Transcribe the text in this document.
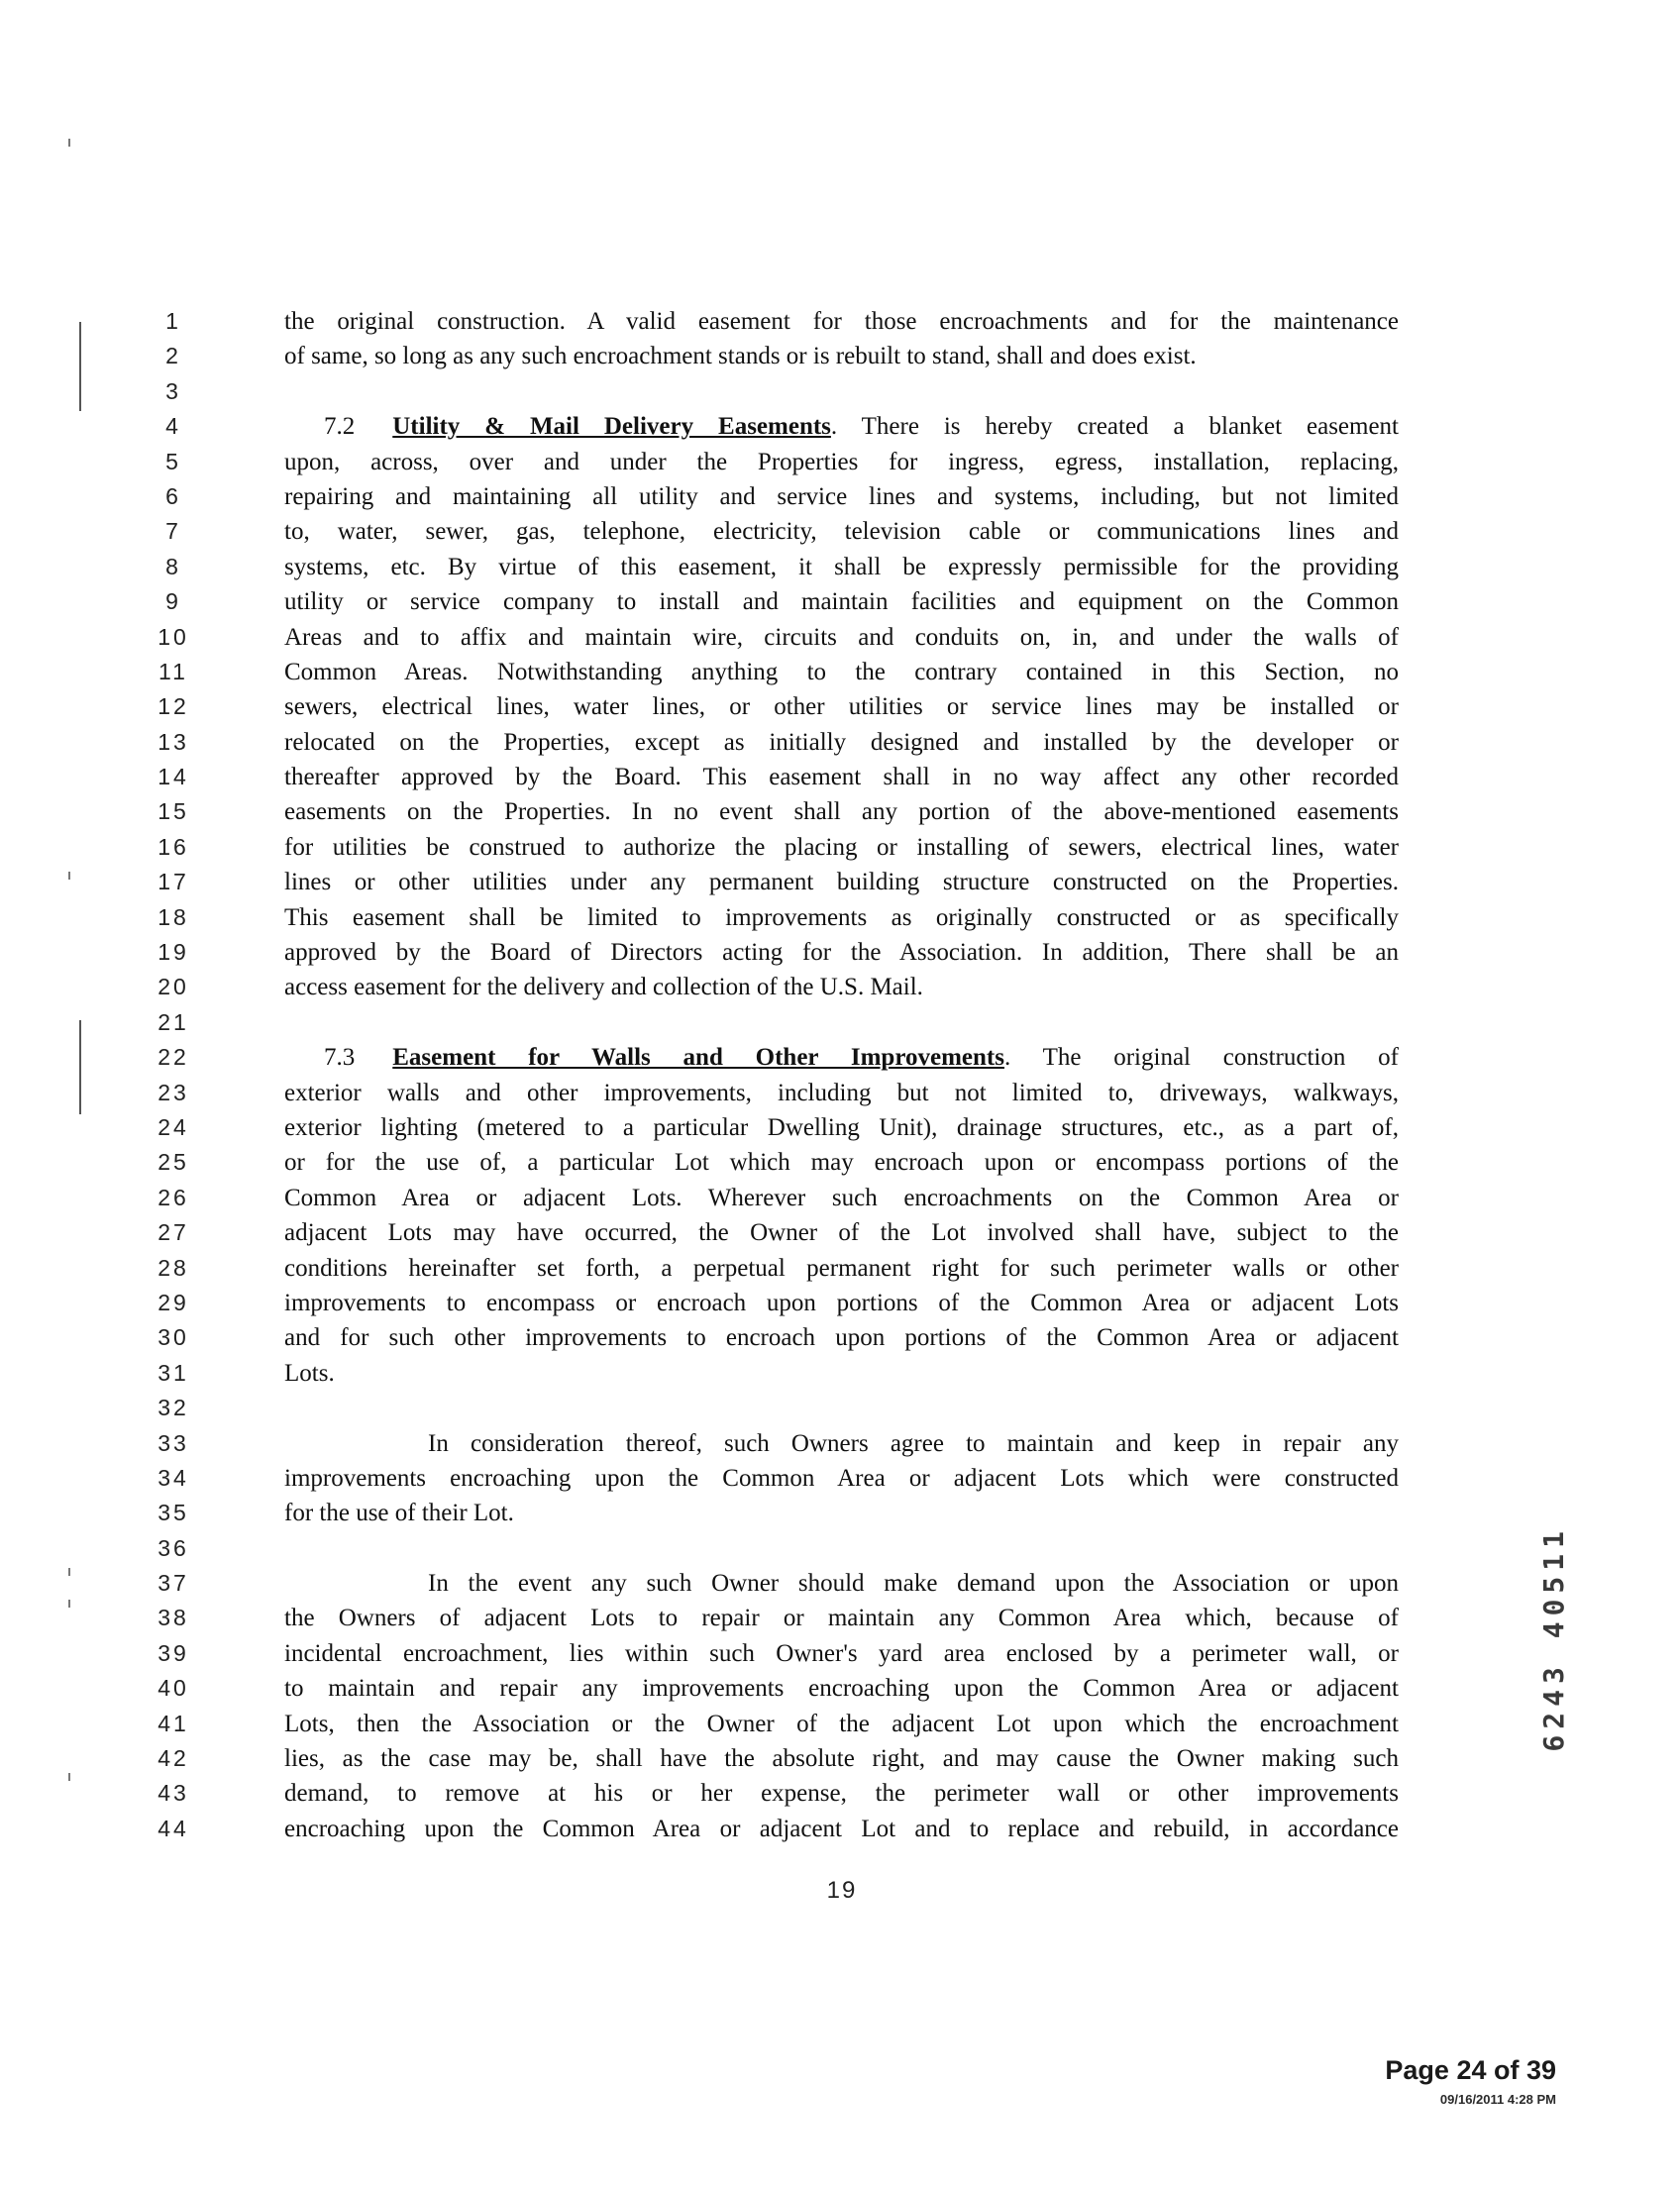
1
2
3
4
5
6
7
8
9
10
11
12
13
14
15
16
17
18
19
20
21
22
23
24
25
26
27
28
29
30
31
32
33
34
35
36
37
38
39
40
41
42
43
44
the original construction. A valid easement for those encroachments and for the maintenance
of same, so long as any such encroachment stands or is rebuilt to stand, shall and does exist.
7.2 Utility & Mail Delivery Easements. There is hereby created a blanket easement
upon, across, over and under the Properties for ingress, egress, installation, replacing,
repairing and maintaining all utility and service lines and systems, including, but not limited
to, water, sewer, gas, telephone, electricity, television cable or communications lines and
systems, etc. By virtue of this easement, it shall be expressly permissible for the providing
utility or service company to install and maintain facilities and equipment on the Common
Areas and to affix and maintain wire, circuits and conduits on, in, and under the walls of
Common Areas. Notwithstanding anything to the contrary contained in this Section, no
sewers, electrical lines, water lines, or other utilities or service lines may be installed or
relocated on the Properties, except as initially designed and installed by the developer or
thereafter approved by the Board. This easement shall in no way affect any other recorded
easements on the Properties. In no event shall any portion of the above-mentioned easements
for utilities be construed to authorize the placing or installing of sewers, electrical lines, water
lines or other utilities under any permanent building structure constructed on the Properties.
This easement shall be limited to improvements as originally constructed or as specifically
approved by the Board of Directors acting for the Association. In addition, There shall be an
access easement for the delivery and collection of the U.S. Mail.
7.3 Easement for Walls and Other Improvements. The original construction of
exterior walls and other improvements, including but not limited to, driveways, walkways,
exterior lighting (metered to a particular Dwelling Unit), drainage structures, etc., as a part of,
or for the use of, a particular Lot which may encroach upon or encompass portions of the
Common Area or adjacent Lots. Wherever such encroachments on the Common Area or
adjacent Lots may have occurred, the Owner of the Lot involved shall have, subject to the
conditions hereinafter set forth, a perpetual permanent right for such perimeter walls or other
improvements to encompass or encroach upon portions of the Common Area or adjacent Lots
and for such other improvements to encroach upon portions of the Common Area or adjacent
Lots.
In consideration thereof, such Owners agree to maintain and keep in repair any
improvements encroaching upon the Common Area or adjacent Lots which were constructed
for the use of their Lot.
In the event any such Owner should make demand upon the Association or upon
the Owners of adjacent Lots to repair or maintain any Common Area which, because of
incidental encroachment, lies within such Owner's yard area enclosed by a perimeter wall, or
to maintain and repair any improvements encroaching upon the Common Area or adjacent
Lots, then the Association or the Owner of the adjacent Lot upon which the encroachment
lies, as the case may be, shall have the absolute right, and may cause the Owner making such
demand, to remove at his or her expense, the perimeter wall or other improvements
encroaching upon the Common Area or adjacent Lot and to replace and rebuild, in accordance
19
6243 40511
Page 24 of 39
09/16/2011 4:28 PM
